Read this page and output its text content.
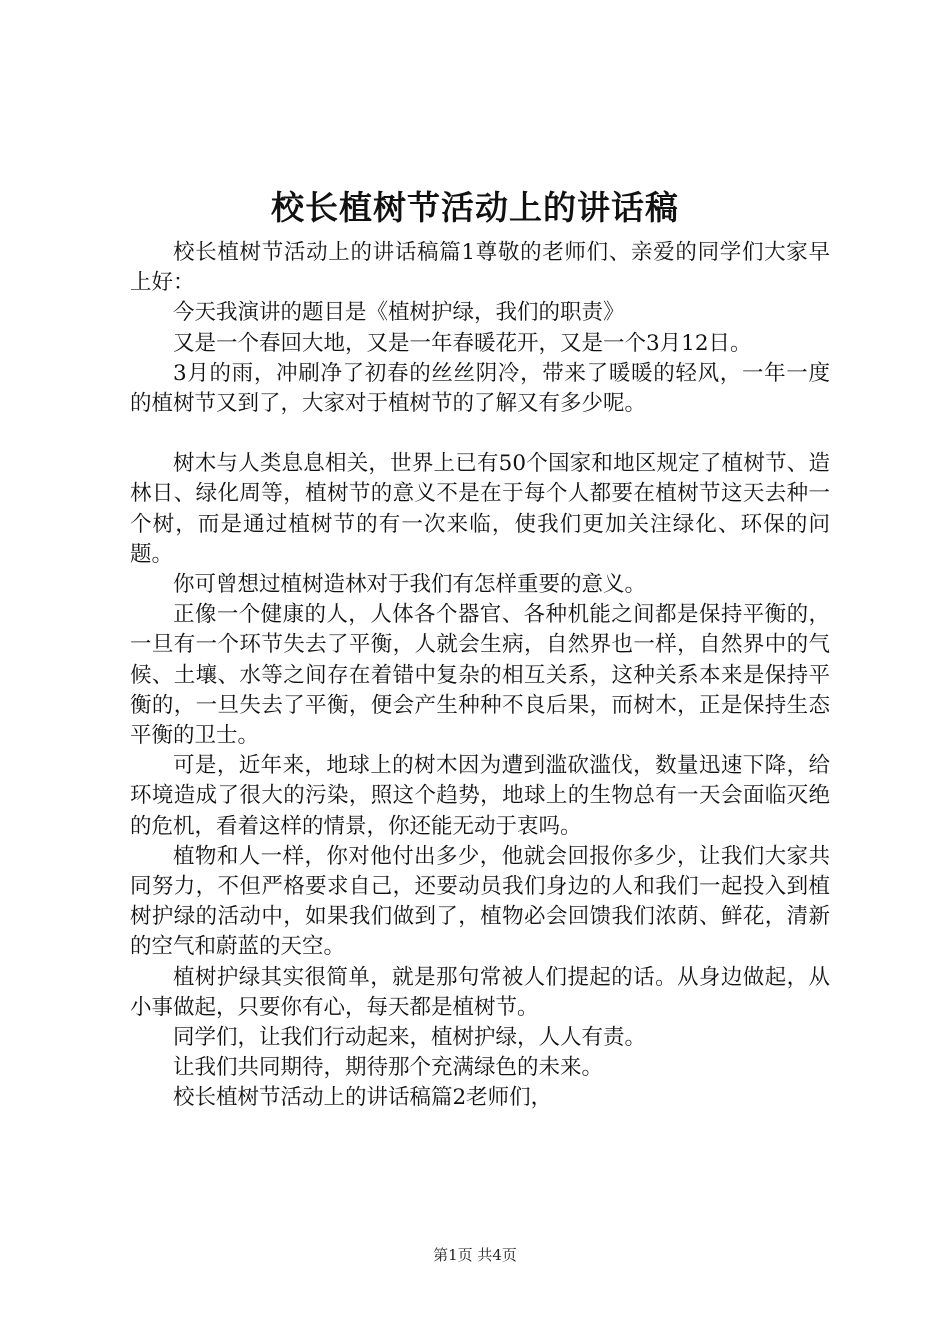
校长植树节活动上的讲话稿

校长植树节活动上的讲话稿篇1尊敬的老师们、亲爱的同学们大家早上好：

今天我演讲的题目是《植树护绿，我们的职责》

又是一个春回大地，又是一年春暖花开，又是一个3月12日。

3月的雨，冲刷净了初春的丝丝阴冷，带来了暖暖的轻风，一年一度的植树节又到了，大家对于植树节的了解又有多少呢。

树木与人类息息相关，世界上已有50个国家和地区规定了植树节、造林日、绿化周等，植树节的意义不是在于每个人都要在植树节这天去种一个树，而是通过植树节的有一次来临，使我们更加关注绿化、环保的问题。

你可曾想过植树造林对于我们有怎样重要的意义。

正像一个健康的人，人体各个器官、各种机能之间都是保持平衡的，一旦有一个环节失去了平衡，人就会生病，自然界也一样，自然界中的气候、土壤、水等之间存在着错中复杂的相互关系，这种关系本来是保持平衡的，一旦失去了平衡，便会产生种种不良后果，而树木，正是保持生态平衡的卫士。

可是，近年来，地球上的树木因为遭到滥砍滥伐，数量迅速下降，给环境造成了很大的污染，照这个趋势，地球上的生物总有一天会面临灭绝的危机，看着这样的情景，你还能无动于衷吗。

植物和人一样，你对他付出多少，他就会回报你多少，让我们大家共同努力，不但严格要求自己，还要动员我们身边的人和我们一起投入到植树护绿的活动中，如果我们做到了，植物必会回馈我们浓荫、鲜花，清新的空气和蔚蓝的天空。

植树护绿其实很简单，就是那句常被人们提起的话。从身边做起，从小事做起，只要你有心，每天都是植树节。

同学们，让我们行动起来，植树护绿，人人有责。

让我们共同期待，期待那个充满绿色的未来。

校长植树节活动上的讲话稿篇2老师们，

第1页 共4页
